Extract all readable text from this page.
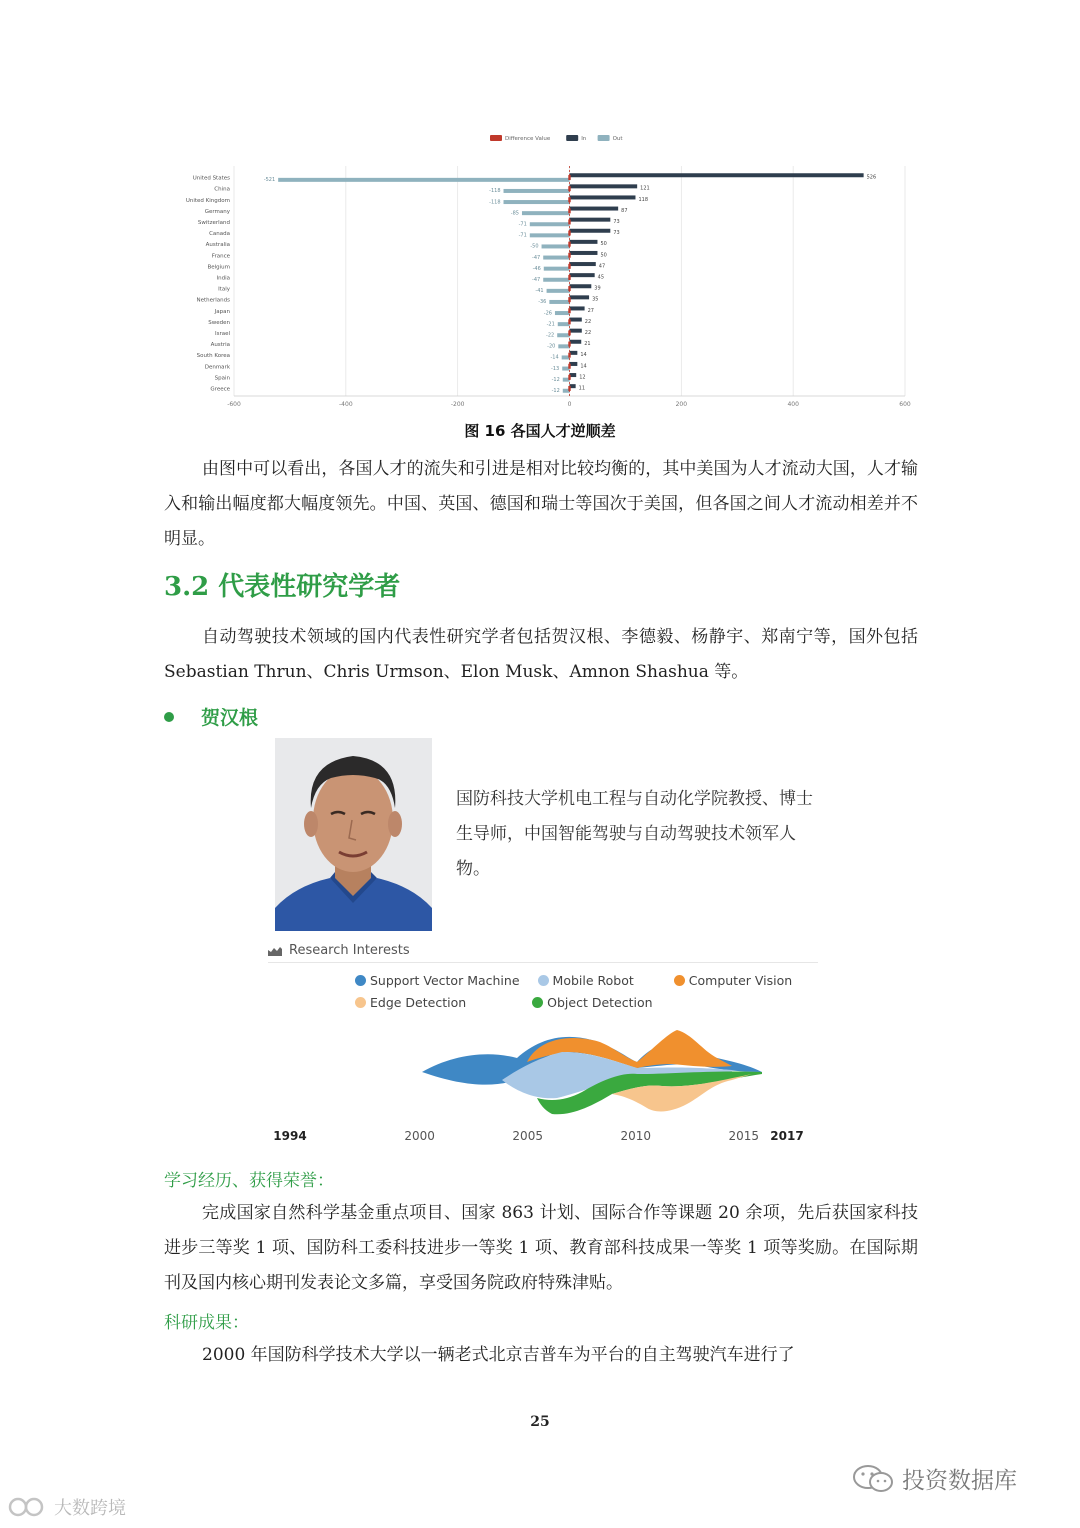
Difference Value	In	Out
-600	-400	-200	0	200	400	600
United States	526
-521
China	121
-118
United Kingdom	118
-118
Germany	87
-85
Switzerland	73
-71
Canada	73
-71
Australia	50
-50
France	50
-47
Belgium	47
-46
India	45
-47
Italy	39
-41
Netherlands	35
-36
Japan	27
-26
Sweden	22
-21
Israel	22
-22
Austria	21
-20
South Korea	14
-14
Denmark	14
-13
Spain	12
-12
Greece	11
-12
图 16 各国人才逆顺差

由图中可以看出，各国人才的流失和引进是相对比较均衡的，其中美国为人才流动大国，人才输入和输出幅度都大幅度领先。中国、英国、德国和瑞士等国次于美国，但各国之间人才流动相差并不明显。

3.2 代表性研究学者

自动驾驶技术领域的国内代表性研究学者包括贺汉根、李德毅、杨静宇、郑南宁等，国外包括 Sebastian Thrun、Chris Urmson、Elon Musk、Amnon Shashua 等。

贺汉根
国防科技大学机电工程与自动化学院教授、博士生导师，中国智能驾驶与自动驾驶技术领军人物。
Research Interests
Support Vector Machine	Mobile Robot	Computer Vision
Edge Detection	Object Detection
1994	2000	2005	2010	2015 2017
学习经历、获得荣誉：

完成国家自然科学基金重点项目、国家 863 计划、国际合作等课题 20 余项，先后获国家科技进步三等奖 1 项、国防科工委科技进步一等奖 1 项、教育部科技成果一等奖 1 项等奖励。在国际期刊及国内核心期刊发表论文多篇，享受国务院政府特殊津贴。

科研成果：

2000 年国防科学技术大学以一辆老式北京吉普车为平台的自主驾驶汽车进行了

25
投资数据库
大数跨境
